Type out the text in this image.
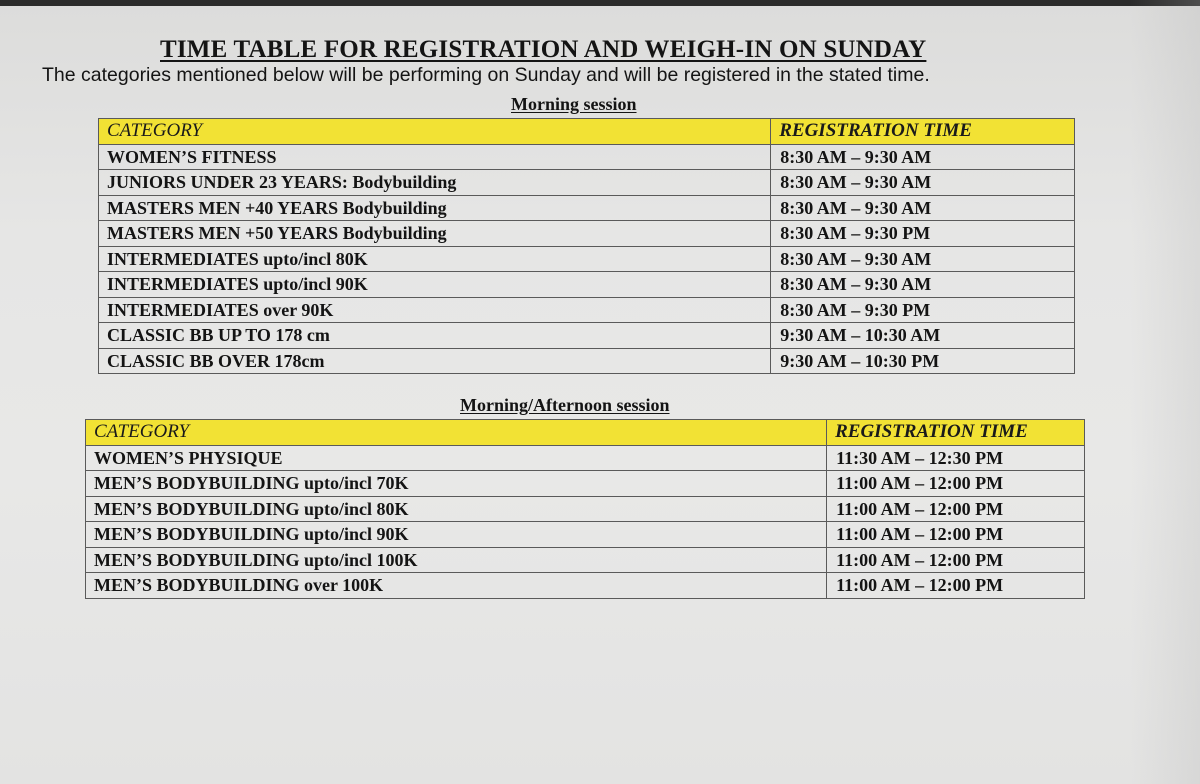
TIME TABLE FOR REGISTRATION AND WEIGH-IN ON SUNDAY
The categories mentioned below will be performing on Sunday and will be registered in the stated time.
Morning session
CATEGORY	REGISTRATION TIME
WOMEN’S FITNESS	8:30 AM – 9:30 AM
JUNIORS UNDER 23 YEARS: Bodybuilding	8:30 AM – 9:30 AM
MASTERS MEN +40 YEARS Bodybuilding	8:30 AM – 9:30 AM
MASTERS MEN +50 YEARS Bodybuilding	8:30 AM – 9:30 PM
INTERMEDIATES upto/incl 80K	8:30 AM – 9:30 AM
INTERMEDIATES upto/incl 90K	8:30 AM – 9:30 AM
INTERMEDIATES over 90K	8:30 AM – 9:30 PM
CLASSIC BB UP TO 178 cm	9:30 AM – 10:30 AM
CLASSIC BB OVER 178cm	9:30 AM – 10:30 PM
Morning/Afternoon session
CATEGORY	REGISTRATION TIME
WOMEN’S PHYSIQUE	11:30 AM – 12:30 PM
MEN’S BODYBUILDING upto/incl 70K	11:00 AM – 12:00 PM
MEN’S BODYBUILDING upto/incl 80K	11:00 AM – 12:00 PM
MEN’S BODYBUILDING upto/incl 90K	11:00 AM – 12:00 PM
MEN’S BODYBUILDING upto/incl 100K	11:00 AM – 12:00 PM
MEN’S BODYBUILDING over 100K	11:00 AM – 12:00 PM
